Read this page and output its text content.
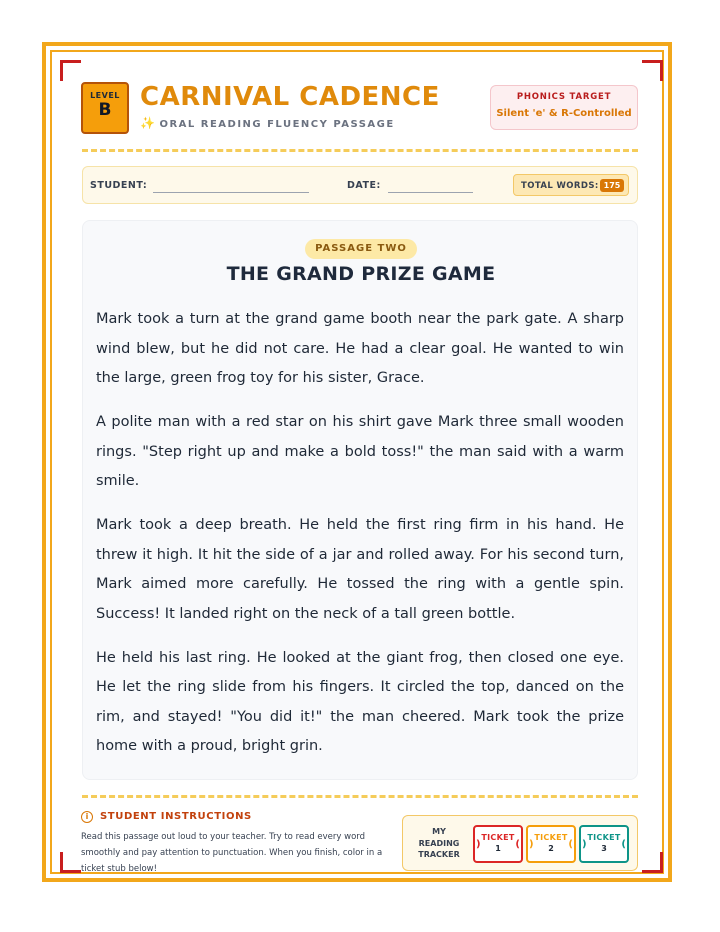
LEVEL
B	CARNIVAL CADENCE
✨ ORAL READING FLUENCY PASSAGE
PHONICS TARGET
Silent 'e' & R-Controlled
STUDENT:	DATE:	TOTAL WORDS: 175
PASSAGE TWO
THE GRAND PRIZE GAME

Mark took a turn at the grand game booth near the park gate. A sharp wind blew, but he did not care. He had a clear goal. He wanted to win the large, green frog toy for his sister, Grace.

A polite man with a red star on his shirt gave Mark three small wooden rings. "Step right up and make a bold toss!" the man said with a warm smile.

Mark took a deep breath. He held the first ring firm in his hand. He threw it high. It hit the side of a jar and rolled away. For his second turn, Mark aimed more carefully. He tossed the ring with a gentle spin. Success! It landed right on the neck of a tall green bottle.

He held his last ring. He looked at the giant frog, then closed one eye. He let the ring slide from his fingers. It circled the top, danced on the rim, and stayed! "You did it!" the man cheered. Mark took the prize home with a proud, bright grin.

i	STUDENT INSTRUCTIONS
Read this passage out loud to your teacher. Try to read every word smoothly and pay attention to punctuation. When you finish, color in a ticket stub below!
MY
READING
TRACKER
)
TICKET
1	( )
TICKET
2	( )
TICKET
3	(
